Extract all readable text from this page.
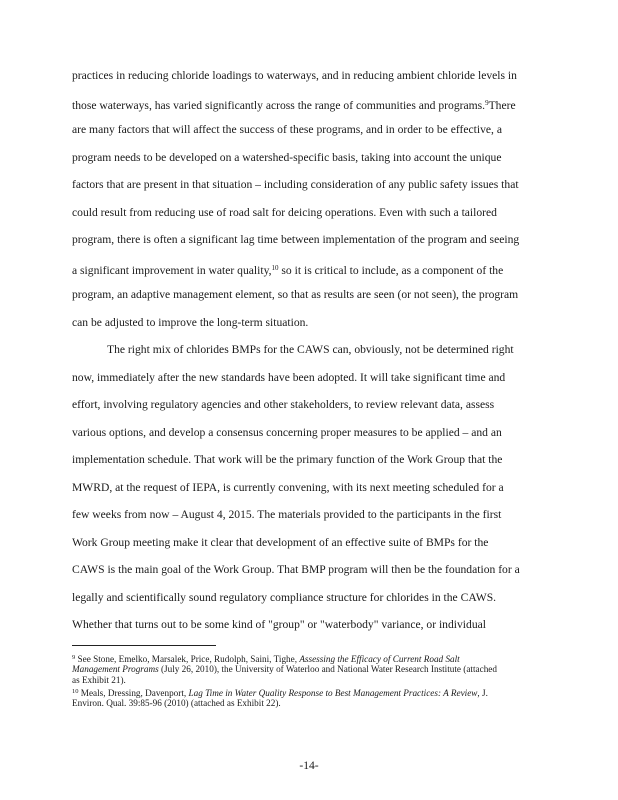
practices in reducing chloride loadings to waterways, and in reducing ambient chloride levels in
those waterways, has varied significantly across the range of communities and programs.$^9$There
are many factors that will affect the success of these programs, and in order to be effective, a
program needs to be developed on a watershed-specific basis, taking into account the unique
factors that are present in that situation – including consideration of any public safety issues that
could result from reducing use of road salt for deicing operations. Even with such a tailored
program, there is often a significant lag time between implementation of the program and seeing
a significant improvement in water quality,$^{10}$ so it is critical to include, as a component of the
program, an adaptive management element, so that as results are seen (or not seen), the program
can be adjusted to improve the long-term situation.
The right mix of chlorides BMPs for the CAWS can, obviously, not be determined right
now, immediately after the new standards have been adopted. It will take significant time and
effort, involving regulatory agencies and other stakeholders, to review relevant data, assess
various options, and develop a consensus concerning proper measures to be applied – and an
implementation schedule. That work will be the primary function of the Work Group that the
MWRD, at the request of IEPA, is currently convening, with its next meeting scheduled for a
few weeks from now – August 4, 2015. The materials provided to the participants in the first
Work Group meeting make it clear that development of an effective suite of BMPs for the
CAWS is the main goal of the Work Group. That BMP program will then be the foundation for a
legally and scientifically sound regulatory compliance structure for chlorides in the CAWS.
Whether that turns out to be some kind of "group" or "waterbody" variance, or individual
$^9$ See Stone, Emelko, Marsalek, Price, Rudolph, Saini, Tighe, Assessing the Efficacy of Current Road Salt
Management Programs (July 26, 2010), the University of Waterloo and National Water Research Institute (attached
as Exhibit 21).
$^{10}$ Meals, Dressing, Davenport, Lag Time in Water Quality Response to Best Management Practices: A Review, J.
Environ. Qual. 39:85-96 (2010) (attached as Exhibit 22).
-14-
